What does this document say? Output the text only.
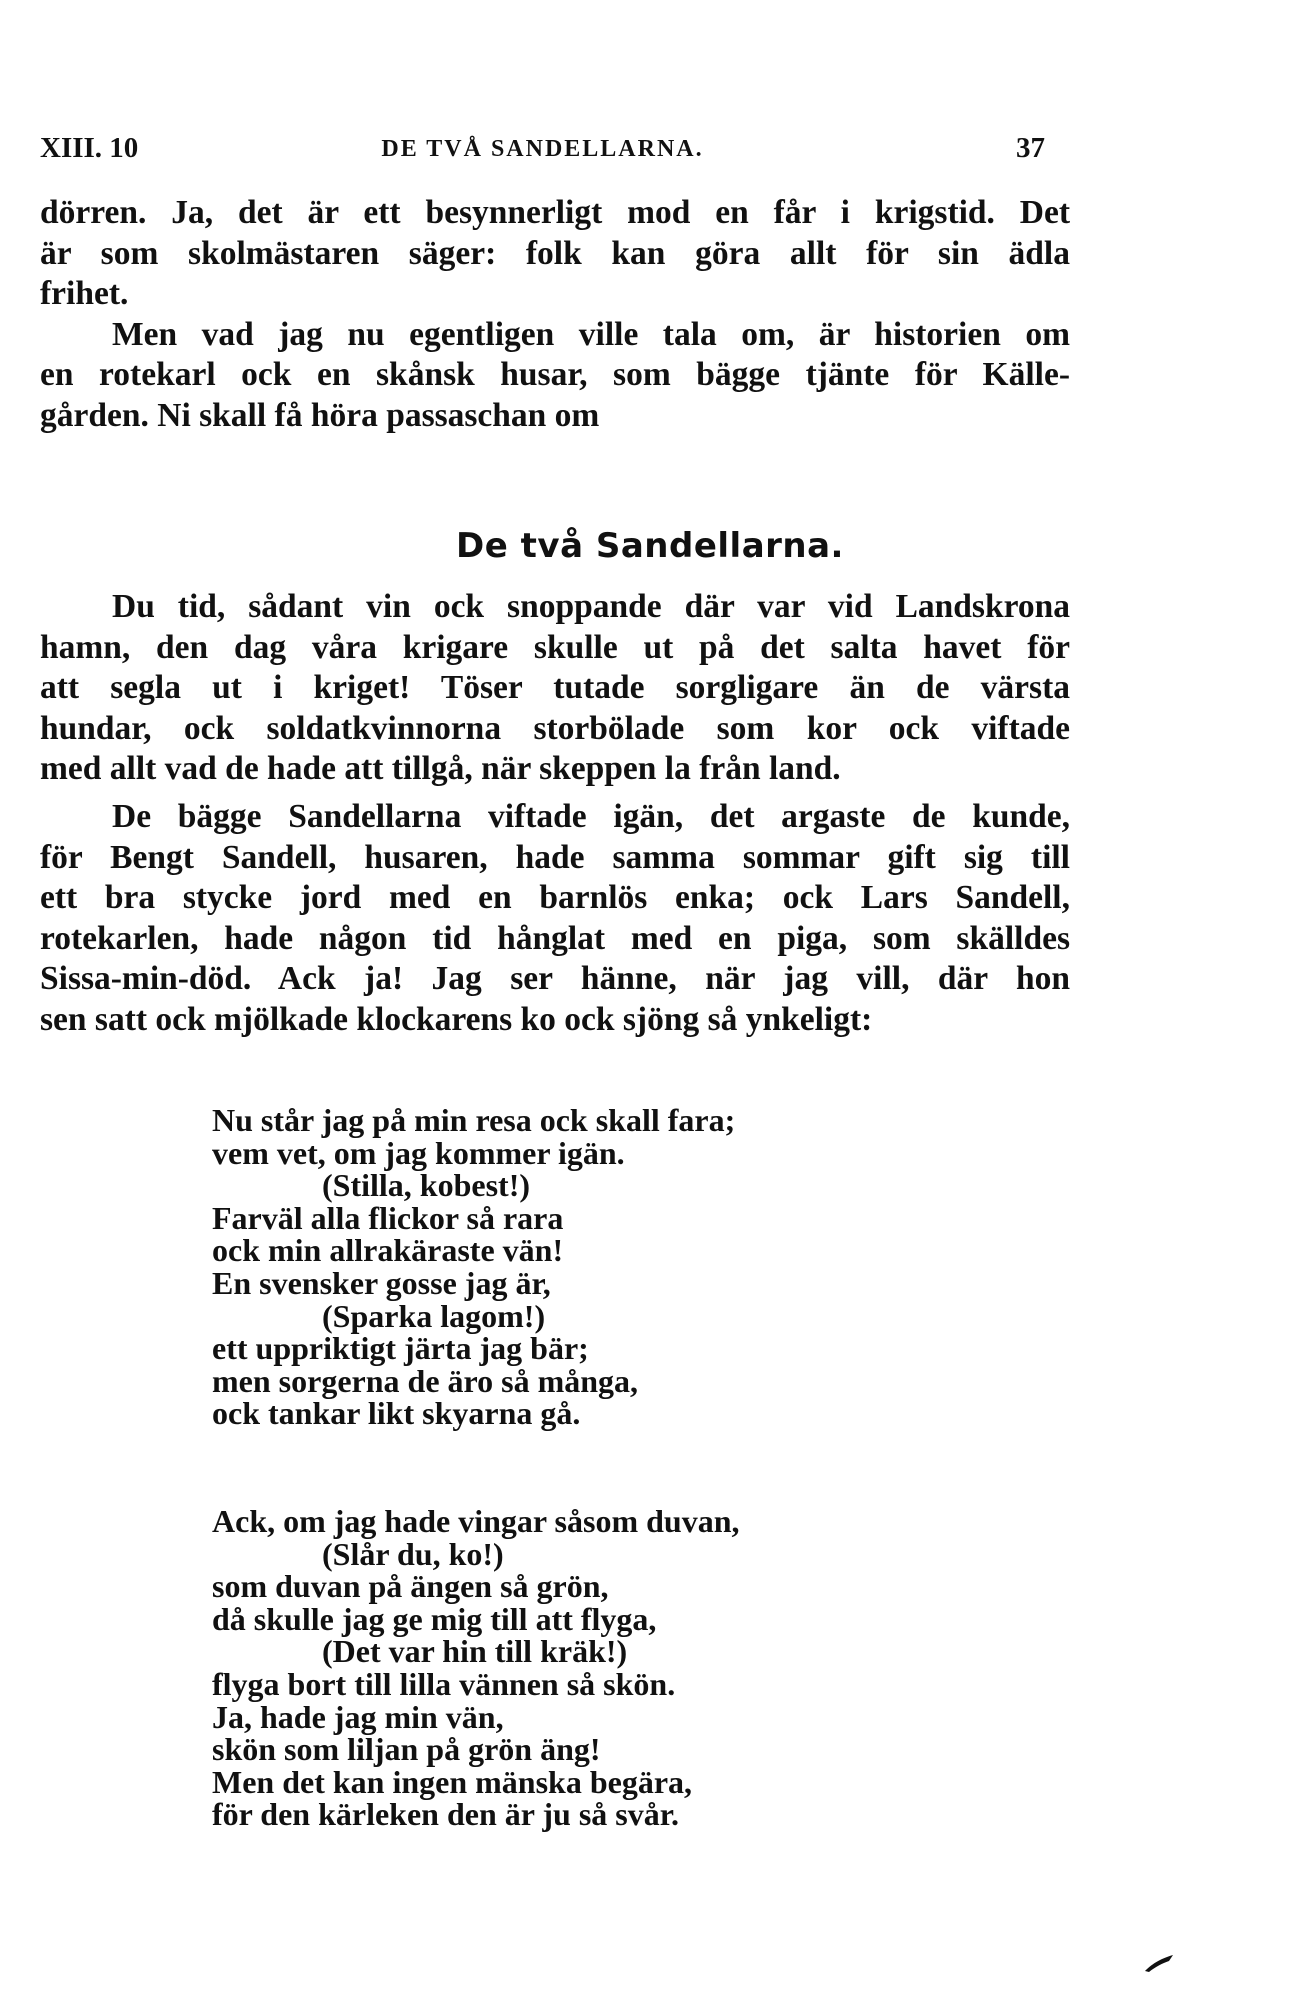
XIII. 10	DE TVÅ SANDELLARNA.	37
dörren. Ja, det är ett besynnerligt mod en får i krigstid. Det
är som skolmästaren säger: folk kan göra allt för sin ädla
frihet.
Men vad jag nu egentligen ville tala om, är historien om
en rotekarl ock en skånsk husar, som bägge tjänte för Källe-
gården. Ni skall få höra passaschan om
De två Sandellarna.
Du tid, sådant vin ock snoppande där var vid Landskrona
hamn, den dag våra krigare skulle ut på det salta havet för
att segla ut i kriget! Töser tutade sorgligare än de värsta
hundar, ock soldatkvinnorna storbölade som kor ock viftade
med allt vad de hade att tillgå, när skeppen la från land.
De bägge Sandellarna viftade igän, det argaste de kunde,
för Bengt Sandell, husaren, hade samma sommar gift sig till
ett bra stycke jord med en barnlös enka; ock Lars Sandell,
rotekarlen, hade någon tid hånglat med en piga, som skälldes
Sissa-min-död. Ack ja! Jag ser hänne, när jag vill, där hon
sen satt ock mjölkade klockarens ko ock sjöng så ynkeligt:
Nu står jag på min resa ock skall fara;
vem vet, om jag kommer igän.
(Stilla, kobest!)
Farväl alla flickor så rara
ock min allrakäraste vän!
En svensker gosse jag är,
(Sparka lagom!)
ett uppriktigt järta jag bär;
men sorgerna de äro så många,
ock tankar likt skyarna gå.
Ack, om jag hade vingar såsom duvan,
(Slår du, ko!)
som duvan på ängen så grön,
då skulle jag ge mig till att flyga,
(Det var hin till kräk!)
flyga bort till lilla vännen så skön.
Ja, hade jag min vän,
skön som liljan på grön äng!
Men det kan ingen mänska begära,
för den kärleken den är ju så svår.
